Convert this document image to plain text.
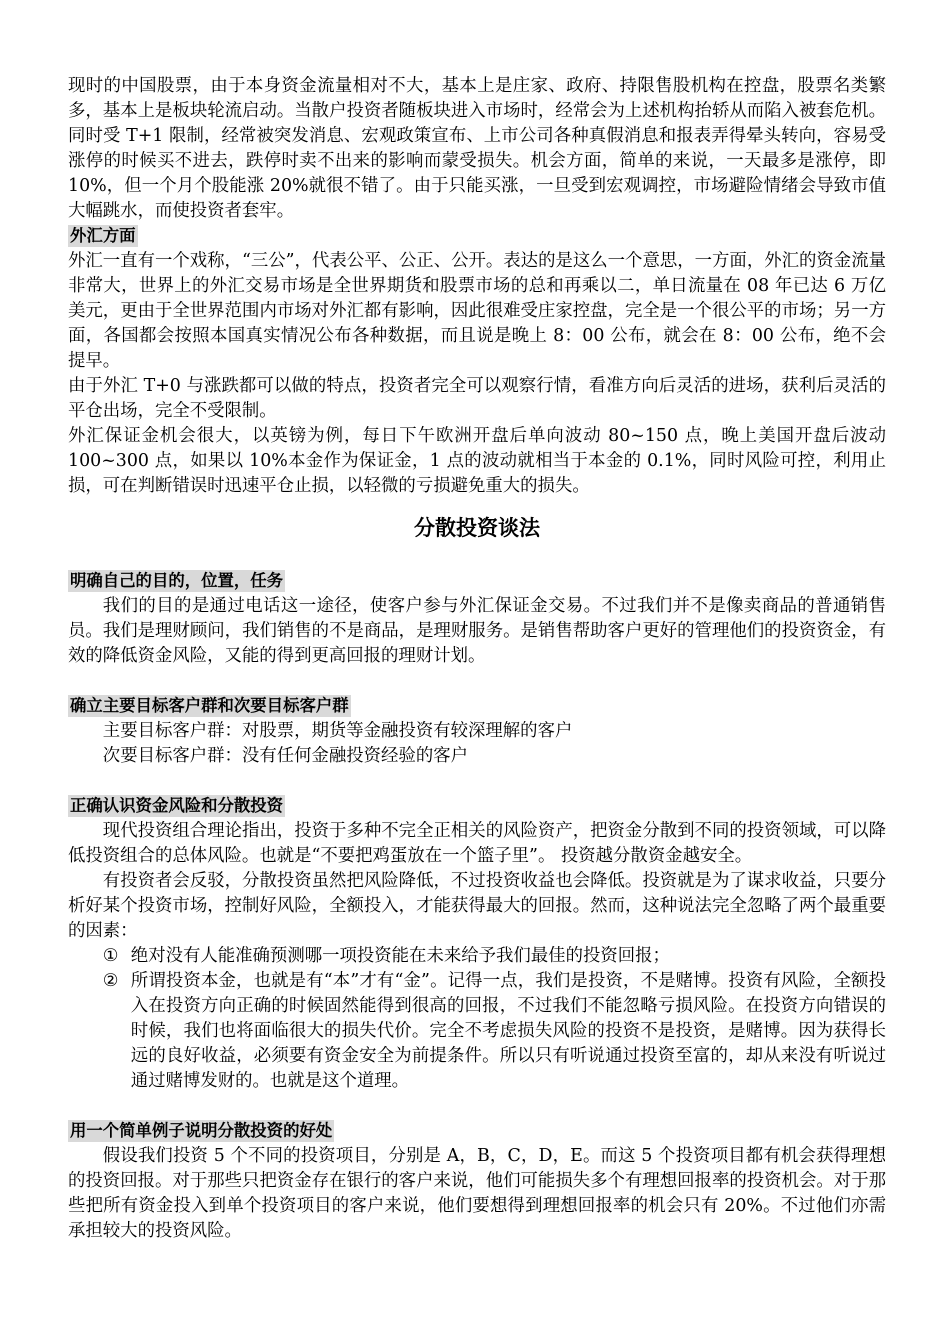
现时的中国股票，由于本身资金流量相对不大，基本上是庄家、政府、持限售股机构在控盘，股票名类繁多，基本上是板块轮流启动。当散户投资者随板块进入市场时，经常会为上述机构抬轿从而陷入被套危机。同时受 T+1 限制，经常被突发消息、宏观政策宣布、上市公司各种真假消息和报表弄得晕头转向，容易受涨停的时候买不进去，跌停时卖不出来的影响而蒙受损失。机会方面，简单的来说，一天最多是涨停，即 10%，但一个月个股能涨 20%就很不错了。由于只能买涨，一旦受到宏观调控，市场避险情绪会导致市值大幅跳水，而使投资者套牢。

外汇方面

外汇一直有一个戏称，“三公”，代表公平、公正、公开。表达的是这么一个意思，一方面，外汇的资金流量非常大，世界上的外汇交易市场是全世界期货和股票市场的总和再乘以二，单日流量在 08 年已达 6 万亿美元，更由于全世界范围内市场对外汇都有影响，因此很难受庄家控盘，完全是一个很公平的市场；另一方面，各国都会按照本国真实情况公布各种数据，而且说是晚上 8：00 公布，就会在 8：00 公布，绝不会提早。

由于外汇 T+0 与涨跌都可以做的特点，投资者完全可以观察行情，看准方向后灵活的进场，获利后灵活的平仓出场，完全不受限制。

外汇保证金机会很大，以英镑为例，每日下午欧洲开盘后单向波动 80~150 点，晚上美国开盘后波动 100~300 点，如果以 10%本金作为保证金，1 点的波动就相当于本金的 0.1%，同时风险可控，利用止损，可在判断错误时迅速平仓止损，以轻微的亏损避免重大的损失。

分散投资谈法
明确自己的目的，位置，任务

我们的目的是通过电话这一途径，使客户参与外汇保证金交易。不过我们并不是像卖商品的普通销售员。我们是理财顾问，我们销售的不是商品，是理财服务。是销售帮助客户更好的管理他们的投资资金，有效的降低资金风险，又能的得到更高回报的理财计划。

确立主要目标客户群和次要目标客户群

主要目标客户群：对股票，期货等金融投资有较深理解的客户

次要目标客户群：没有任何金融投资经验的客户

正确认识资金风险和分散投资

现代投资组合理论指出，投资于多种不完全正相关的风险资产，把资金分散到不同的投资领域，可以降低投资组合的总体风险。也就是“不要把鸡蛋放在一个篮子里”。 投资越分散资金越安全。

有投资者会反驳，分散投资虽然把风险降低，不过投资收益也会降低。投资就是为了谋求收益，只要分析好某个投资市场，控制好风险，全额投入，才能获得最大的回报。然而，这种说法完全忽略了两个最重要的因素：

① 绝对没有人能准确预测哪一项投资能在未来给予我们最佳的投资回报；
② 所谓投资本金，也就是有“本”才有“金”。记得一点，我们是投资，不是赌博。投资有风险，全额投入在投资方向正确的时候固然能得到很高的回报，不过我们不能忽略亏损风险。在投资方向错误的时候，我们也将面临很大的损失代价。完全不考虑损失风险的投资不是投资，是赌博。因为获得长远的良好收益，必须要有资金安全为前提条件。所以只有听说通过投资至富的，却从来没有听说过通过赌博发财的。也就是这个道理。
用一个简单例子说明分散投资的好处

假设我们投资 5 个不同的投资项目，分别是 A，B，C，D，E。而这 5 个投资项目都有机会获得理想的投资回报。对于那些只把资金存在银行的客户来说，他们可能损失多个有理想回报率的投资机会。对于那些把所有资金投入到单个投资项目的客户来说，他们要想得到理想回报率的机会只有 20%。不过他们亦需承担较大的投资风险。
